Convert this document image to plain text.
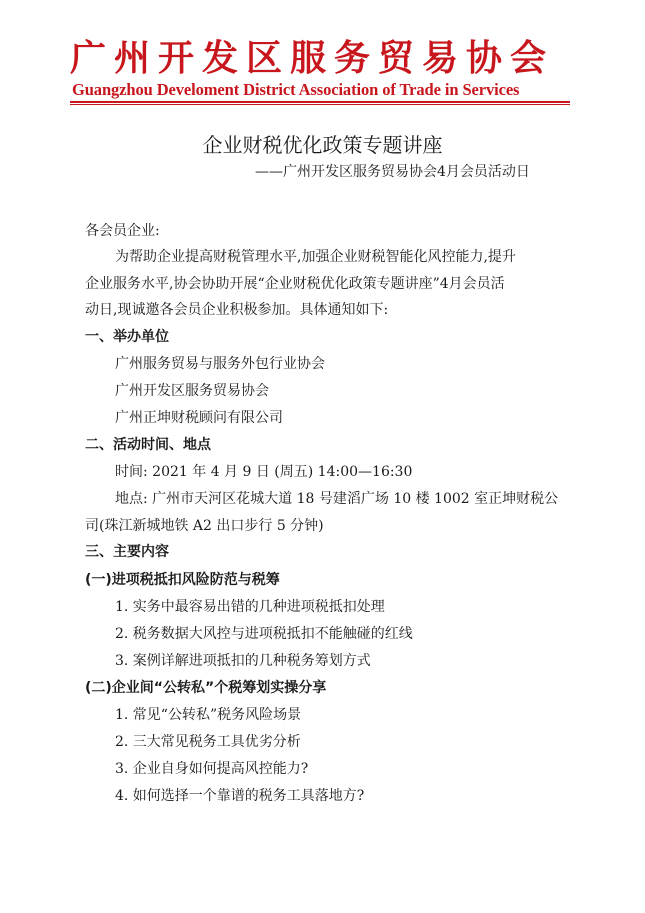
广州开发区服务贸易协会
Guangzhou Develoment District Association of Trade in Services
企业财税优化政策专题讲座
——广州开发区服务贸易协会4月会员活动日
各会员企业:
为帮助企业提高财税管理水平,加强企业财税智能化风控能力,提升
企业服务水平,协会协助开展“企业财税优化政策专题讲座”4月会员活
动日,现诚邀各会员企业积极参加。具体通知如下:
一、举办单位
广州服务贸易与服务外包行业协会
广州开发区服务贸易协会
广州正坤财税顾问有限公司
二、活动时间、地点
时间: 2021 年 4 月 9 日 (周五) 14:00—16:30
地点: 广州市天河区花城大道 18 号建滔广场 10 楼 1002 室正坤财税公
司(珠江新城地铁 A2 出口步行 5 分钟)
三、主要内容
(一)进项税抵扣风险防范与税筹
1. 实务中最容易出错的几种进项税抵扣处理
2. 税务数据大风控与进项税抵扣不能触碰的红线
3. 案例详解进项抵扣的几种税务筹划方式
(二)企业间“公转私”个税筹划实操分享
1. 常见“公转私”税务风险场景
2. 三大常见税务工具优劣分析
3. 企业自身如何提高风控能力?
4. 如何选择一个靠谱的税务工具落地方?
